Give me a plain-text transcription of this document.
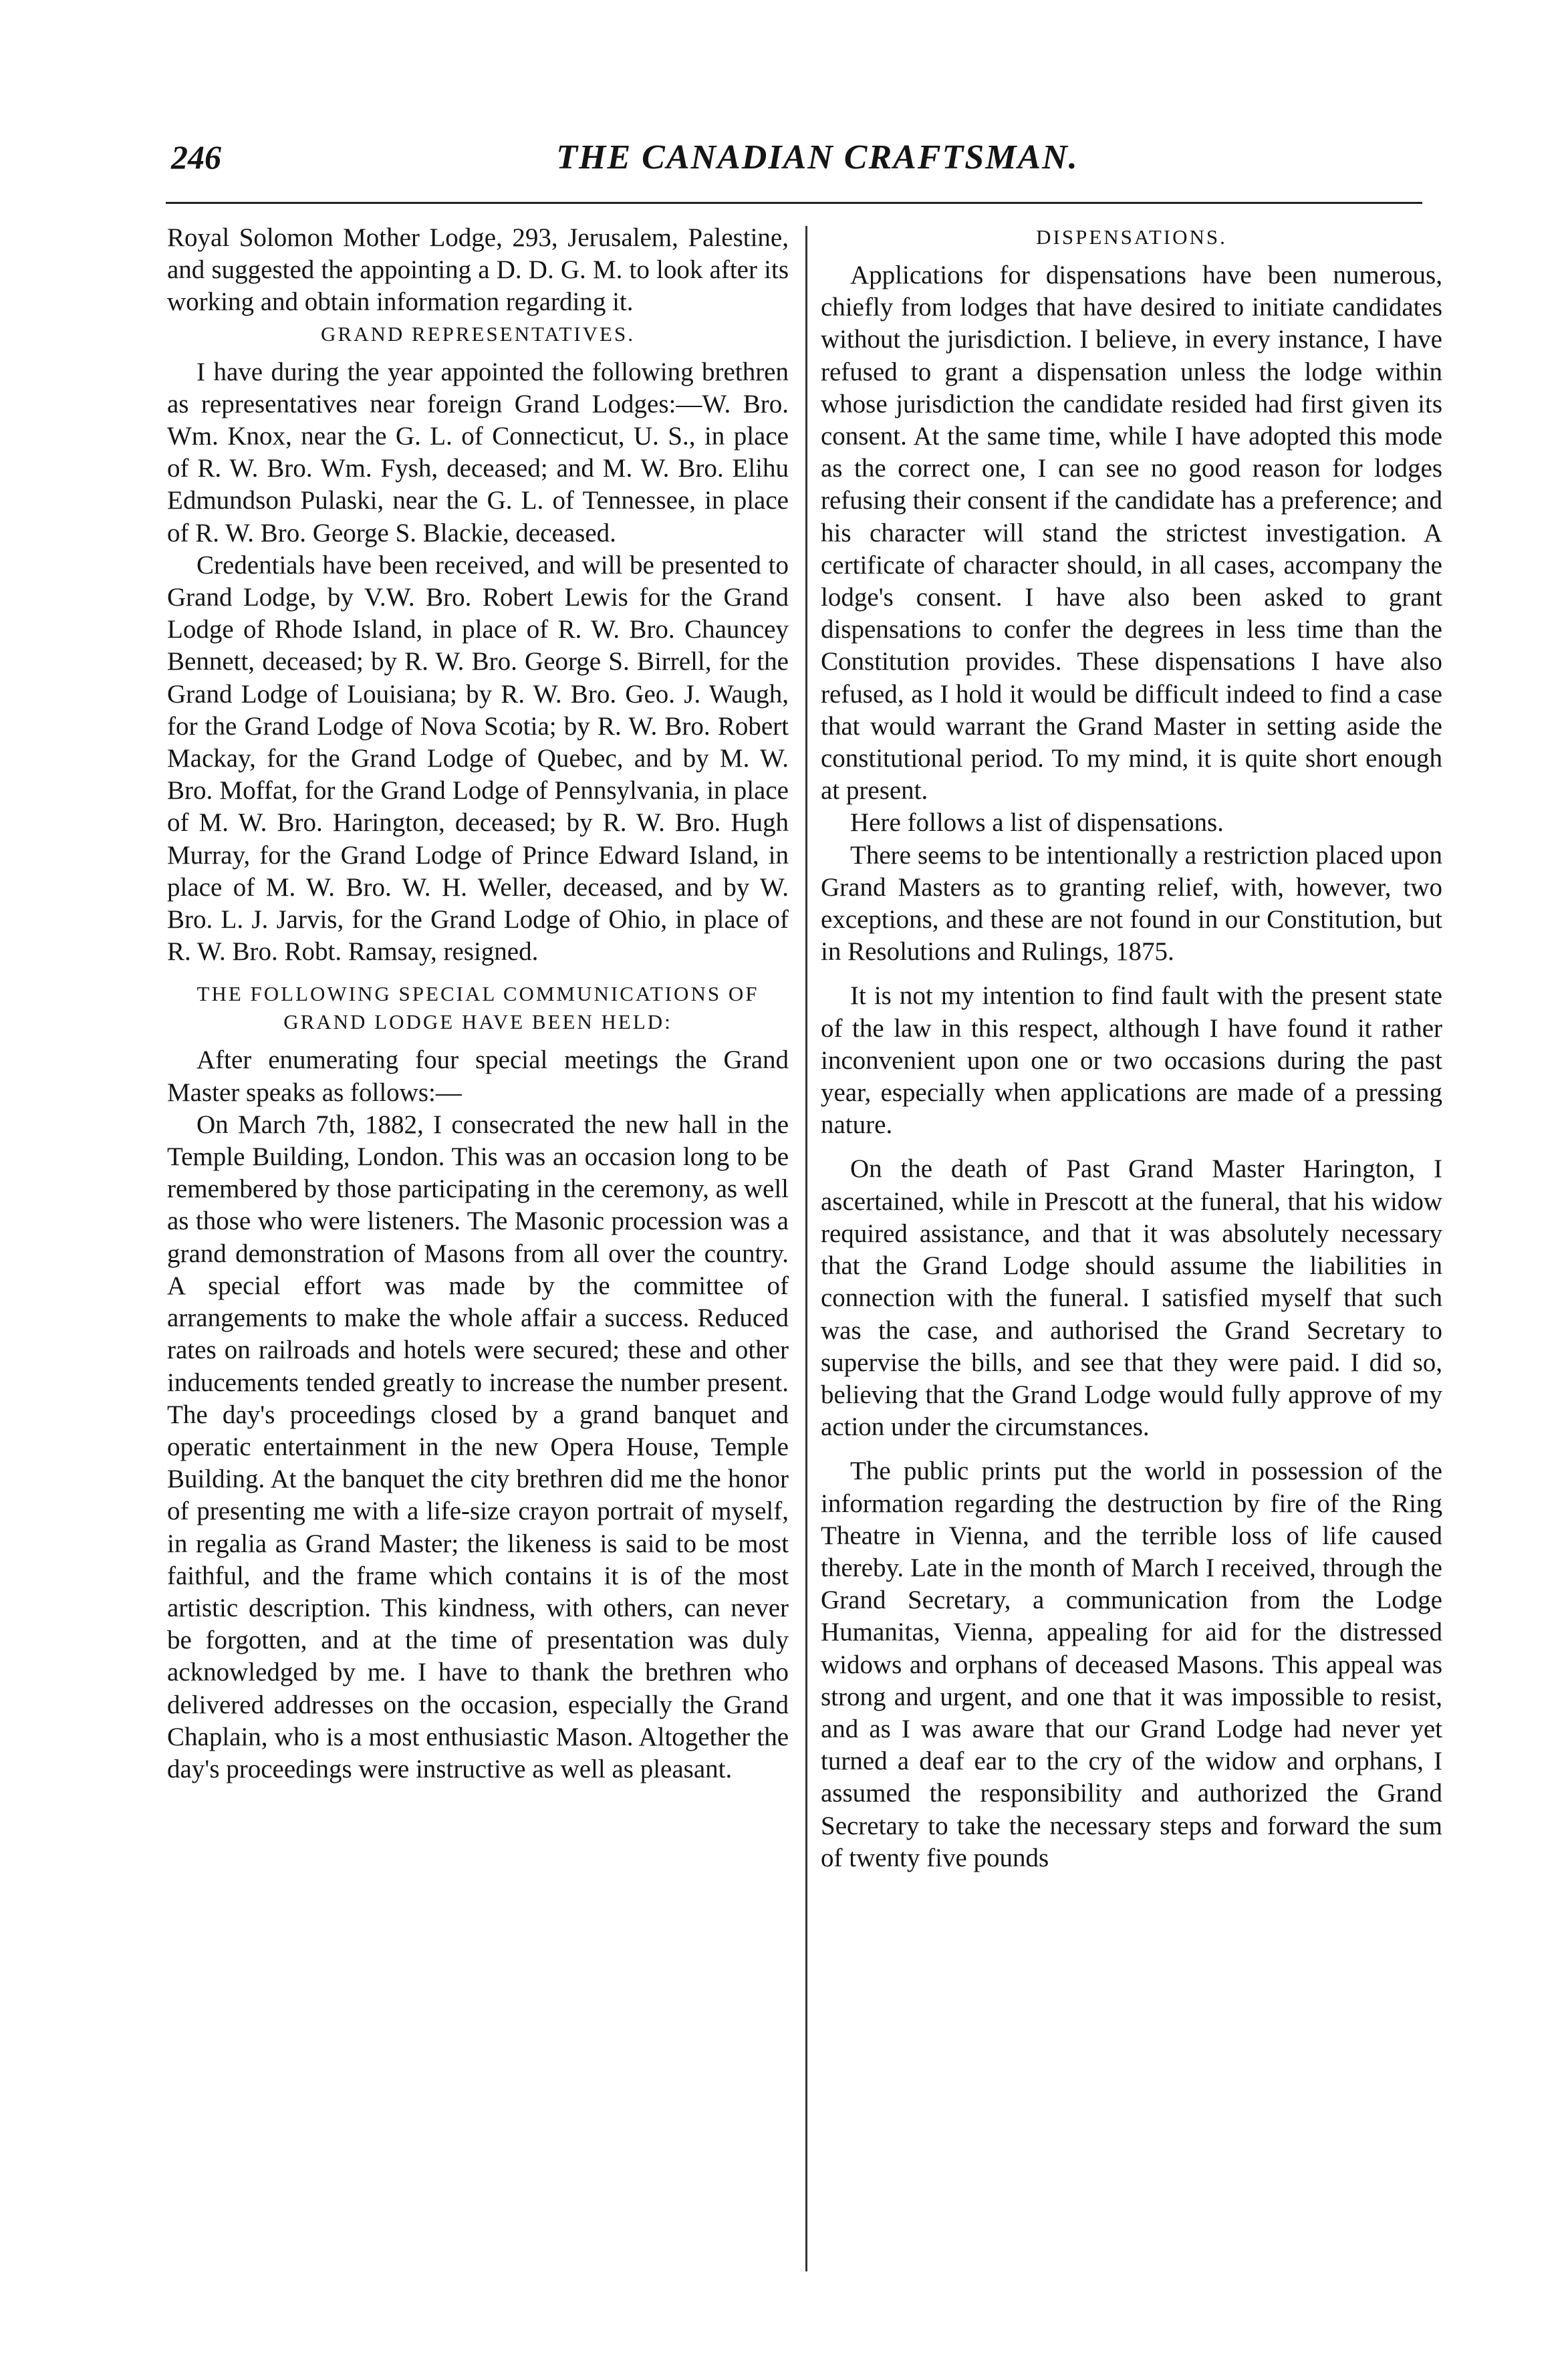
246	THE CANADIAN CRAFTSMAN.

Royal Solomon Mother Lodge, 293, Jerusalem, Palestine, and suggested the appointing a D. D. G. M. to look after its working and obtain information regarding it.

GRAND REPRESENTATIVES.

I have during the year appointed the following brethren as representatives near foreign Grand Lodges:—W. Bro. Wm. Knox, near the G. L. of Connecticut, U. S., in place of R. W. Bro. Wm. Fysh, deceased; and M. W. Bro. Elihu Edmundson Pulaski, near the G. L. of Tennessee, in place of R. W. Bro. George S. Blackie, deceased.

Credentials have been received, and will be presented to Grand Lodge, by V.W. Bro. Robert Lewis for the Grand Lodge of Rhode Island, in place of R. W. Bro. Chauncey Bennett, deceased; by R. W. Bro. George S. Birrell, for the Grand Lodge of Louisiana; by R. W. Bro. Geo. J. Waugh, for the Grand Lodge of Nova Scotia; by R. W. Bro. Robert Mackay, for the Grand Lodge of Quebec, and by M. W. Bro. Moffat, for the Grand Lodge of Pennsylvania, in place of M. W. Bro. Harington, deceased; by R. W. Bro. Hugh Murray, for the Grand Lodge of Prince Edward Island, in place of M. W. Bro. W. H. Weller, deceased, and by W. Bro. L. J. Jarvis, for the Grand Lodge of Ohio, in place of R. W. Bro. Robt. Ramsay, resigned.

THE FOLLOWING SPECIAL COMMUNICATIONS OF GRAND LODGE HAVE BEEN HELD:

After enumerating four special meetings the Grand Master speaks as follows:—

On March 7th, 1882, I consecrated the new hall in the Temple Building, London. This was an occasion long to be remembered by those participating in the ceremony, as well as those who were listeners. The Masonic procession was a grand demonstration of Masons from all over the country. A special effort was made by the committee of arrangements to make the whole affair a success. Reduced rates on railroads and hotels were secured; these and other inducements tended greatly to increase the number present. The day's proceedings closed by a grand banquet and operatic entertainment in the new Opera House, Temple Building. At the banquet the city brethren did me the honor of presenting me with a life-size crayon portrait of myself, in regalia as Grand Master; the likeness is said to be most faithful, and the frame which contains it is of the most artistic description. This kindness, with others, can never be forgotten, and at the time of presentation was duly acknowledged by me. I have to thank the brethren who delivered addresses on the occasion, especially the Grand Chaplain, who is a most enthusiastic Mason. Altogether the day's proceedings were instructive as well as pleasant.

DISPENSATIONS.

Applications for dispensations have been numerous, chiefly from lodges that have desired to initiate candidates without the jurisdiction. I believe, in every instance, I have refused to grant a dispensation unless the lodge within whose jurisdiction the candidate resided had first given its consent. At the same time, while I have adopted this mode as the correct one, I can see no good reason for lodges refusing their consent if the candidate has a preference; and his character will stand the strictest investigation. A certificate of character should, in all cases, accompany the lodge's consent. I have also been asked to grant dispensations to confer the degrees in less time than the Constitution provides. These dispensations I have also refused, as I hold it would be difficult indeed to find a case that would warrant the Grand Master in setting aside the constitutional period. To my mind, it is quite short enough at present.

Here follows a list of dispensations.

There seems to be intentionally a restriction placed upon Grand Masters as to granting relief, with, however, two exceptions, and these are not found in our Constitution, but in Resolutions and Rulings, 1875.

It is not my intention to find fault with the present state of the law in this respect, although I have found it rather inconvenient upon one or two occasions during the past year, especially when applications are made of a pressing nature.

On the death of Past Grand Master Harington, I ascertained, while in Prescott at the funeral, that his widow required assistance, and that it was absolutely necessary that the Grand Lodge should assume the liabilities in connection with the funeral. I satisfied myself that such was the case, and authorised the Grand Secretary to supervise the bills, and see that they were paid. I did so, believing that the Grand Lodge would fully approve of my action under the circumstances.

The public prints put the world in possession of the information regarding the destruction by fire of the Ring Theatre in Vienna, and the terrible loss of life caused thereby. Late in the month of March I received, through the Grand Secretary, a communication from the Lodge Humanitas, Vienna, appealing for aid for the distressed widows and orphans of deceased Masons. This appeal was strong and urgent, and one that it was impossible to resist, and as I was aware that our Grand Lodge had never yet turned a deaf ear to the cry of the widow and orphans, I assumed the responsibility and authorized the Grand Secretary to take the necessary steps and forward the sum of twenty five pounds
